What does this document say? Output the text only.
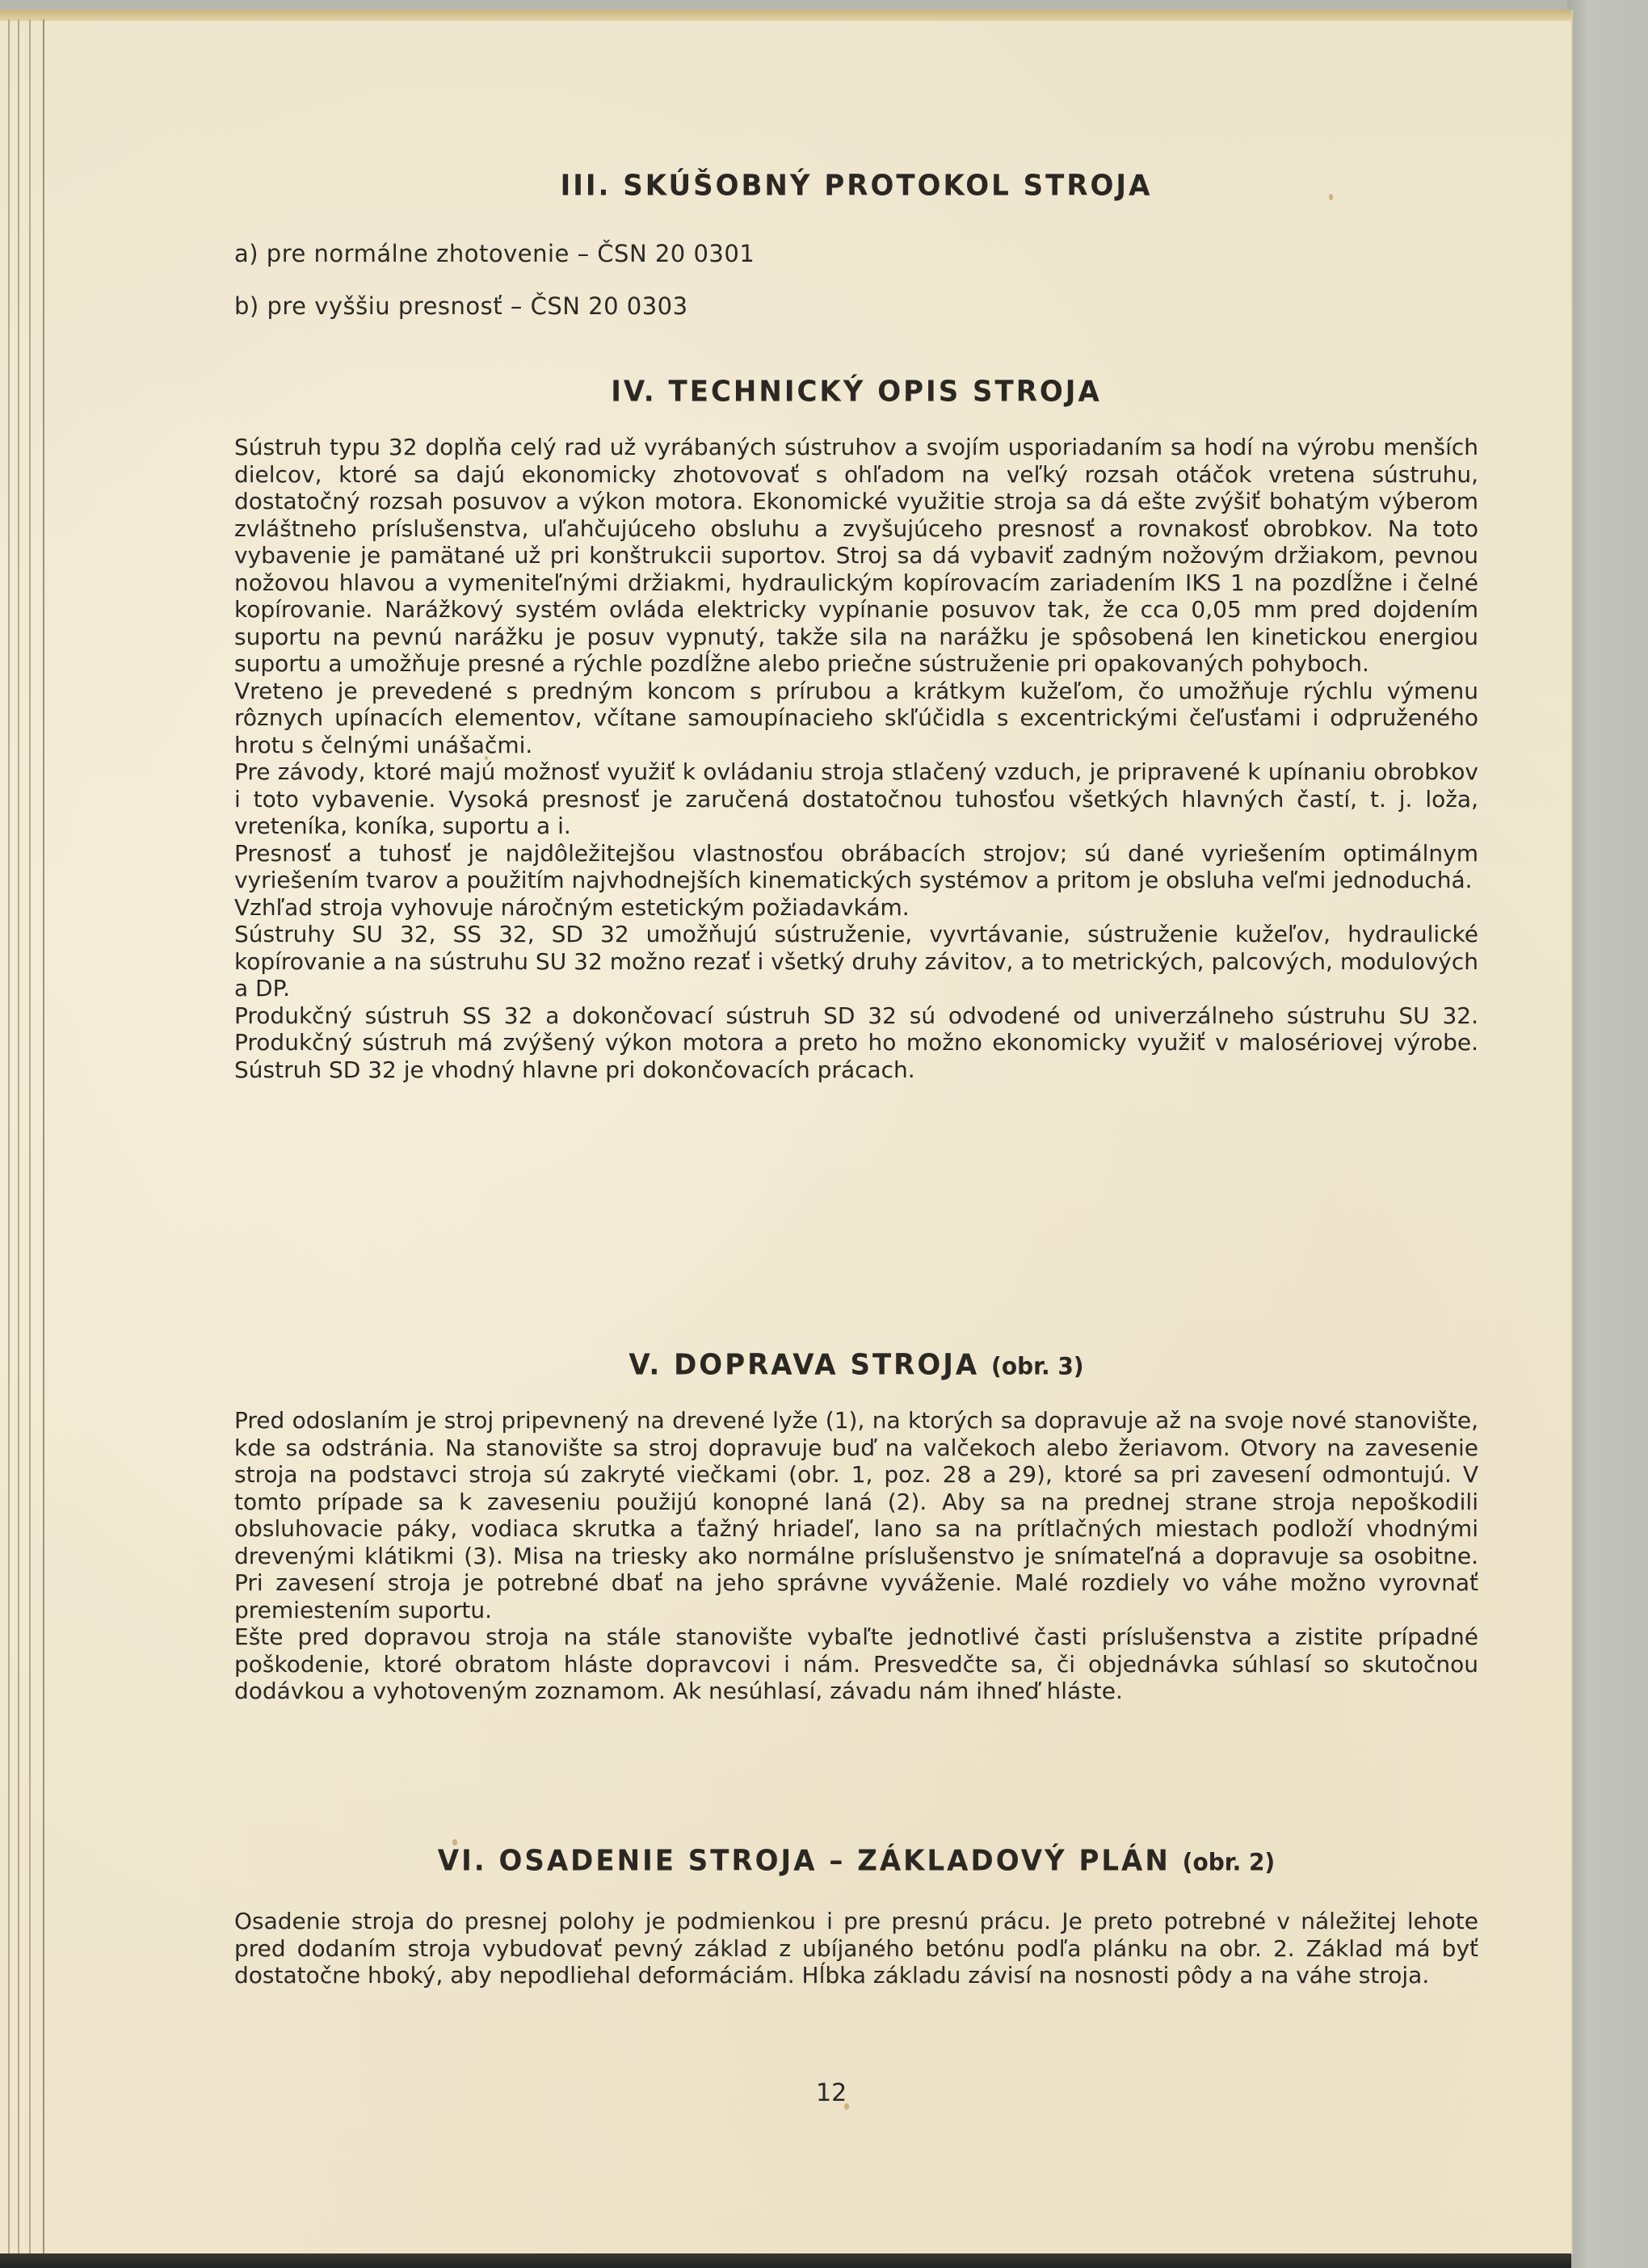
III. SKÚŠOBNÝ PROTOKOL STROJA
a) pre normálne zhotovenie – ČSN 20 0301
b) pre vyššiu presnosť – ČSN 20 0303
IV. TECHNICKÝ OPIS STROJA

Sústruh typu 32 doplňa celý rad už vyrábaných sústruhov a svojím usporiadaním sa hodí na výrobu menších dielcov, ktoré sa dajú ekonomicky zhotovovať s ohľadom na veľký rozsah otáčok vretena sústruhu, dostatočný rozsah posuvov a výkon motora. Ekonomické využitie stroja sa dá ešte zvýšiť bohatým výberom zvláštneho príslušenstva, uľahčujúceho obsluhu a zvyšujúceho presnosť a rovnakosť obrobkov. Na toto vybavenie je pamätané už pri konštrukcii suportov. Stroj sa dá vybaviť zadným nožovým držiakom, pevnou nožovou hlavou a vymeniteľnými držiakmi, hydraulickým kopírovacím zariadením IKS 1 na pozdĺžne i čelné kopírovanie. Narážkový systém ovláda elektricky vypínanie posuvov tak, že cca 0,05 mm pred dojdením suportu na pevnú narážku je posuv vypnutý, takže sila na narážku je spôsobená len kinetickou energiou suportu a umožňuje presné a rýchle pozdĺžne alebo priečne sústruženie pri opakovaných pohyboch.

Vreteno je prevedené s predným koncom s prírubou a krátkym kužeľom, čo umožňuje rýchlu výmenu rôznych upínacích elementov, včítane samoupínacieho skľúčidla s excentrickými čeľusťami i odpruženého hrotu s čelnými unášačmi.

Pre závody, ktoré majú možnosť využiť k ovládaniu stroja stlačený vzduch, je pripravené k upínaniu obrobkov i toto vybavenie. Vysoká presnosť je zaručená dostatočnou tuhosťou všetkých hlavných častí, t. j. loža, vreteníka, koníka, suportu a i.

Presnosť a tuhosť je najdôležitejšou vlastnosťou obrábacích strojov; sú dané vyriešením optimálnym vyriešením tvarov a použitím najvhodnejších kinematických systémov a pritom je obsluha veľmi jednoduchá.

Vzhľad stroja vyhovuje náročným estetickým požiadavkám.

Sústruhy SU 32, SS 32, SD 32 umožňujú sústruženie, vyvrtávanie, sústruženie kužeľov, hydraulické kopírovanie a na sústruhu SU 32 možno rezať i všetký druhy závitov, a to metrických, palcových, modulových a DP.

Produkčný sústruh SS 32 a dokončovací sústruh SD 32 sú odvodené od univerzálneho sústruhu SU 32. Produkčný sústruh má zvýšený výkon motora a preto ho možno ekonomicky využiť v malosériovej výrobe. Sústruh SD 32 je vhodný hlavne pri dokončovacích prácach.

V. DOPRAVA STROJA (obr. 3)

Pred odoslaním je stroj pripevnený na drevené lyže (1), na ktorých sa dopravuje až na svoje nové stanovište, kde sa odstránia. Na stanovište sa stroj dopravuje buď na valčekoch alebo žeriavom. Otvory na zavesenie stroja na podstavci stroja sú zakryté viečkami (obr. 1, poz. 28 a 29), ktoré sa pri zavesení odmontujú. V tomto prípade sa k zaveseniu použijú konopné laná (2). Aby sa na prednej strane stroja nepoškodili obsluhovacie páky, vodiaca skrutka a ťažný hriadeľ, lano sa na prítlačných miestach podloží vhodnými drevenými klátikmi (3). Misa na triesky ako normálne príslušenstvo je snímateľná a dopravuje sa osobitne. Pri zavesení stroja je potrebné dbať na jeho správne vyváženie. Malé rozdiely vo váhe možno vyrovnať premiestením suportu.

Ešte pred dopravou stroja na stále stanovište vybaľte jednotlivé časti príslušenstva a zistite prípadné poškodenie, ktoré obratom hláste dopravcovi i nám. Presvedčte sa, či objednávka súhlasí so skutočnou dodávkou a vyhotoveným zoznamom. Ak nesúhlasí, závadu nám ihneď hláste.

VI. OSADENIE STROJA – ZÁKLADOVÝ PLÁN (obr. 2)

Osadenie stroja do presnej polohy je podmienkou i pre presnú prácu. Je preto potrebné v náležitej lehote pred dodaním stroja vybudovať pevný základ z ubíjaného betónu podľa plánku na obr. 2. Základ má byť dostatočne hboký, aby nepodliehal deformáciám. Hĺbka základu závisí na nosnosti pôdy a na váhe stroja.

12
